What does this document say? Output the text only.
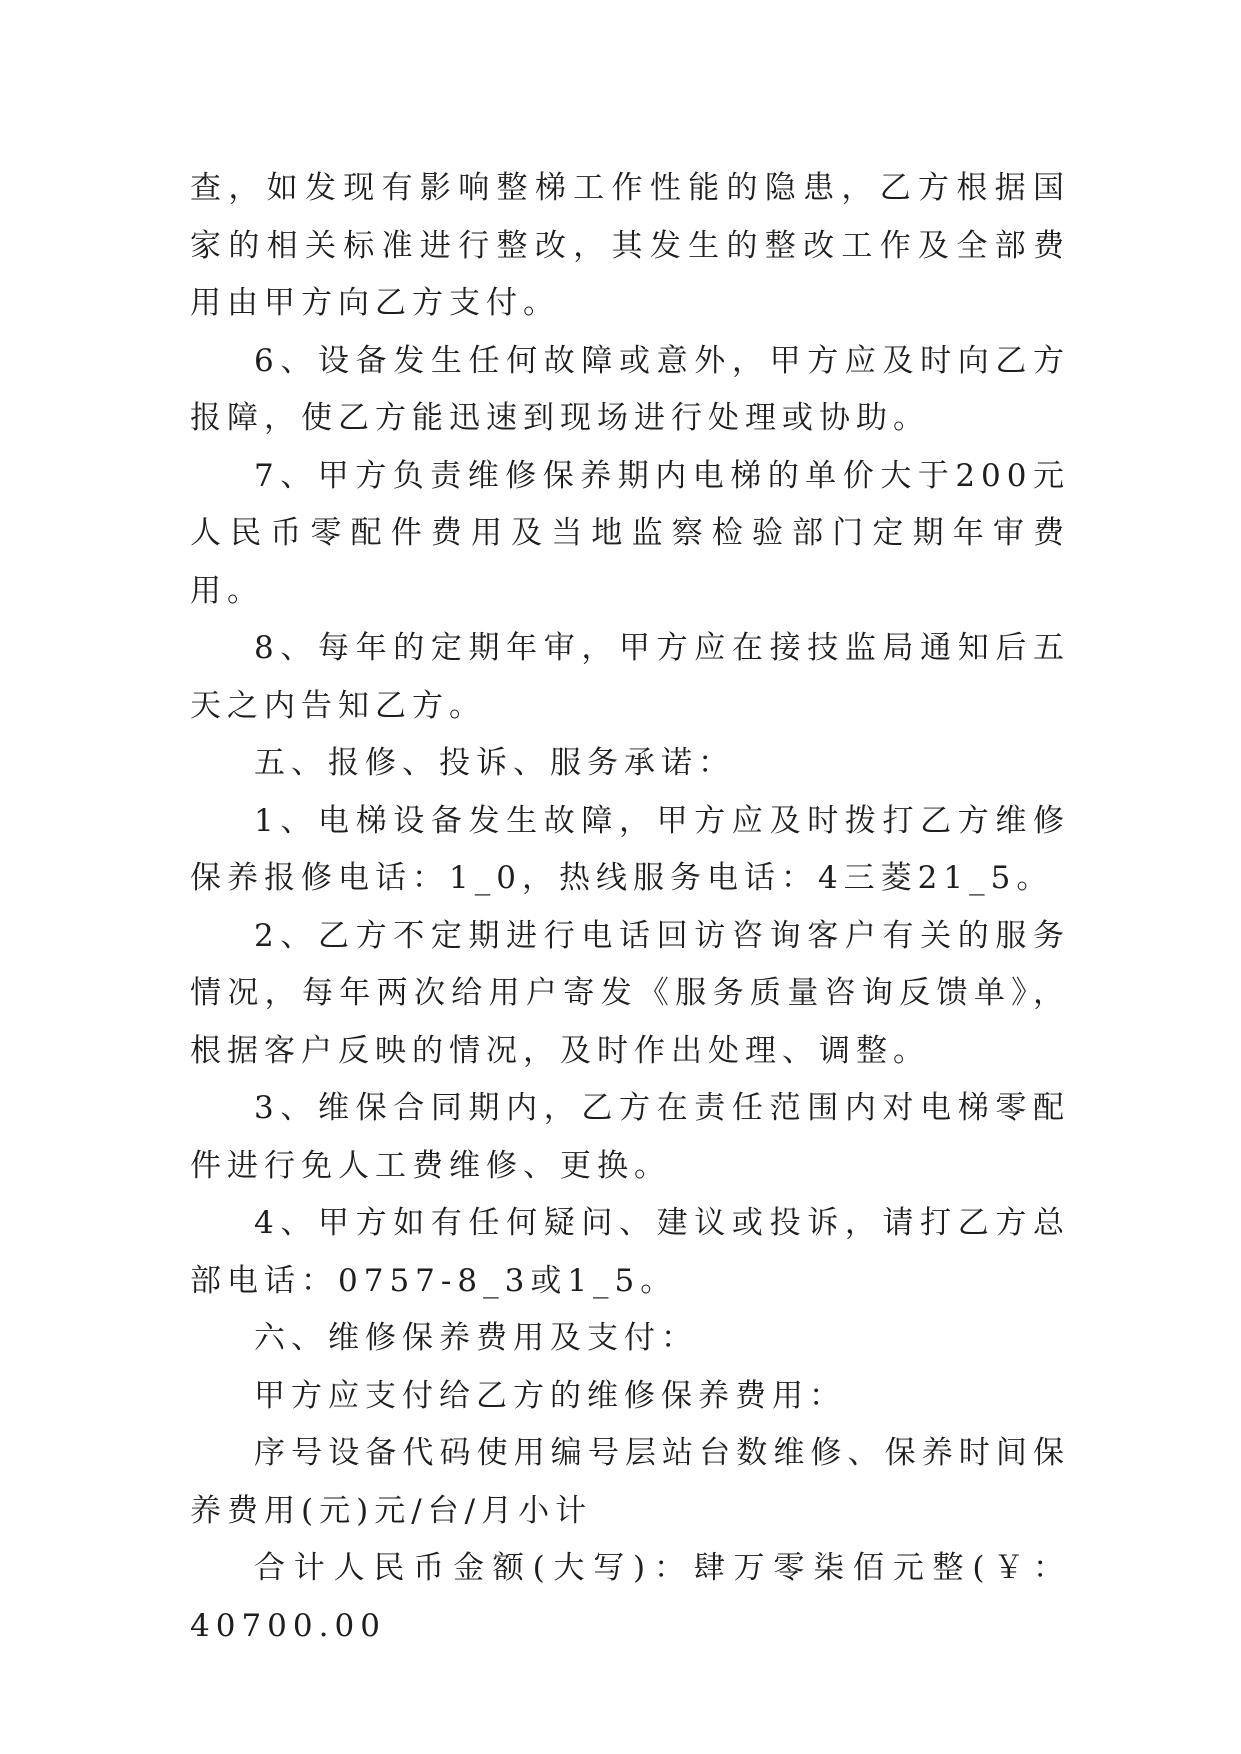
查，如发现有影响整梯工作性能的隐患，乙方根据国家的相关标准进行整改，其发生的整改工作及全部费用由甲方向乙方支付。

6、设备发生任何故障或意外，甲方应及时向乙方报障，使乙方能迅速到现场进行处理或协助。

7、甲方负责维修保养期内电梯的单价大于200元人民币零配件费用及当地监察检验部门定期年审费用。

8、每年的定期年审，甲方应在接技监局通知后五天之内告知乙方。

五、报修、投诉、服务承诺：

1、电梯设备发生故障，甲方应及时拨打乙方维修保养报修电话：1_0，热线服务电话：4三菱21_5。

2、乙方不定期进行电话回访咨询客户有关的服务情况，每年两次给用户寄发《服务质量咨询反馈单》，根据客户反映的情况，及时作出处理、调整。

3、维保合同期内，乙方在责任范围内对电梯零配件进行免人工费维修、更换。

4、甲方如有任何疑问、建议或投诉，请打乙方总部电话：0757-8_3或1_5。

六、维修保养费用及支付：

甲方应支付给乙方的维修保养费用：

序号设备代码使用编号层站台数维修、保养时间保养费用(元)元/台/月小计

合计人民币金额(大写)：肆万零柒佰元整(￥：40700.00
